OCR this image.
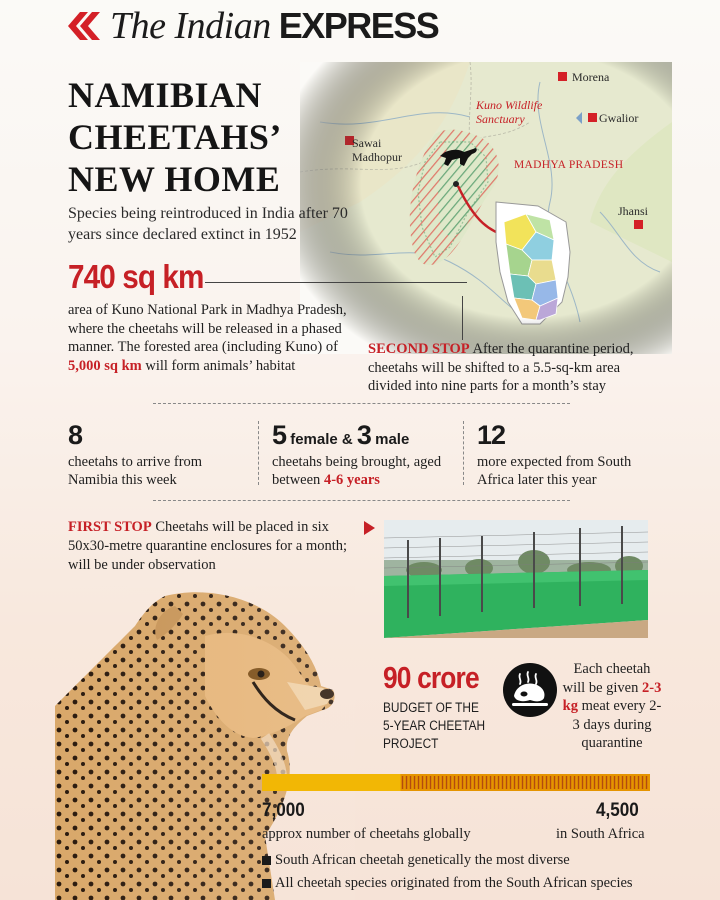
The Indian EXPRESS
Morena
Gwalior
Kuno Wildlife Sanctuary
Sawai Madhopur
MADHYA PRADESH
Jhansi
NAMIBIAN CHEETAHS’ NEW HOME

Species being reintroduced in India after 70 years since declared extinct in 1952

740 sq km

area of Kuno National Park in Madhya Pradesh, where the cheetahs will be released in a phased manner. The forested area (including Kuno) of 5,000 sq km will form animals’ habitat

SECOND STOP After the quarantine period, cheetahs will be shifted to a 5.5-sq-km area divided into nine parts for a month’s stay

8
cheetahs to arrive from Namibia this week
5 female & 3 male
cheetahs being brought, aged between 4-6 years
12
more expected from South Africa later this year

FIRST STOP Cheetahs will be placed in six 50x30-metre quarantine enclosures for a month; will be under observation

90 crore
BUDGET OF THE 5-YEAR CHEETAH PROJECT

Each cheetah will be given 2-3 kg meat every 2-3 days during quarantine

7,000	4,500
approx number of cheetahs globally	in South Africa
South African cheetah genetically the most diverse
All cheetah species originated from the South African species
